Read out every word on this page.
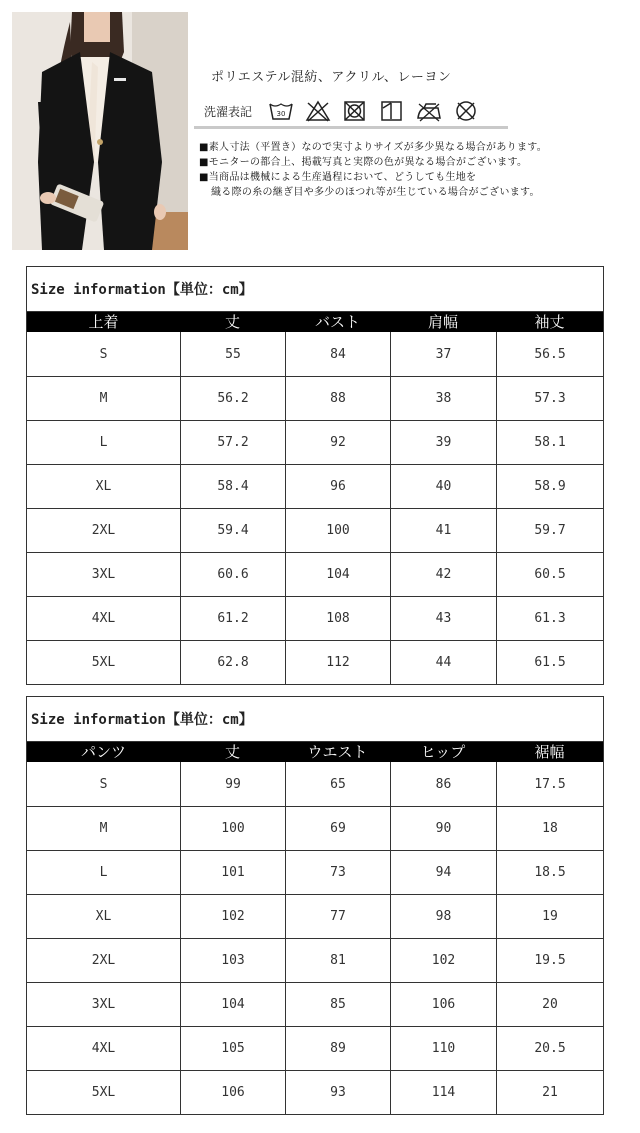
ポリエステル混紡、アクリル、レーヨン
洗濯表記	30
■素人寸法（平置き）なので実寸よりサイズが多少異なる場合があります。
■モニターの都合上、掲載写真と実際の色が異なる場合がございます。
■当商品は機械による生産過程において、どうしても生地を
織る際の糸の継ぎ目や多少のほつれ等が生じている場合がございます。
Size information【単位：cm】
上着	丈	バスト	肩幅	袖丈
S	55	84	37	56.5
M	56.2	88	38	57.3
L	57.2	92	39	58.1
XL	58.4	96	40	58.9
2XL	59.4	100	41	59.7
3XL	60.6	104	42	60.5
4XL	61.2	108	43	61.3
5XL	62.8	112	44	61.5
Size information【単位：cm】
パンツ	丈	ウエスト	ヒップ	裾幅
S	99	65	86	17.5
M	100	69	90	18
L	101	73	94	18.5
XL	102	77	98	19
2XL	103	81	102	19.5
3XL	104	85	106	20
4XL	105	89	110	20.5
5XL	106	93	114	21
